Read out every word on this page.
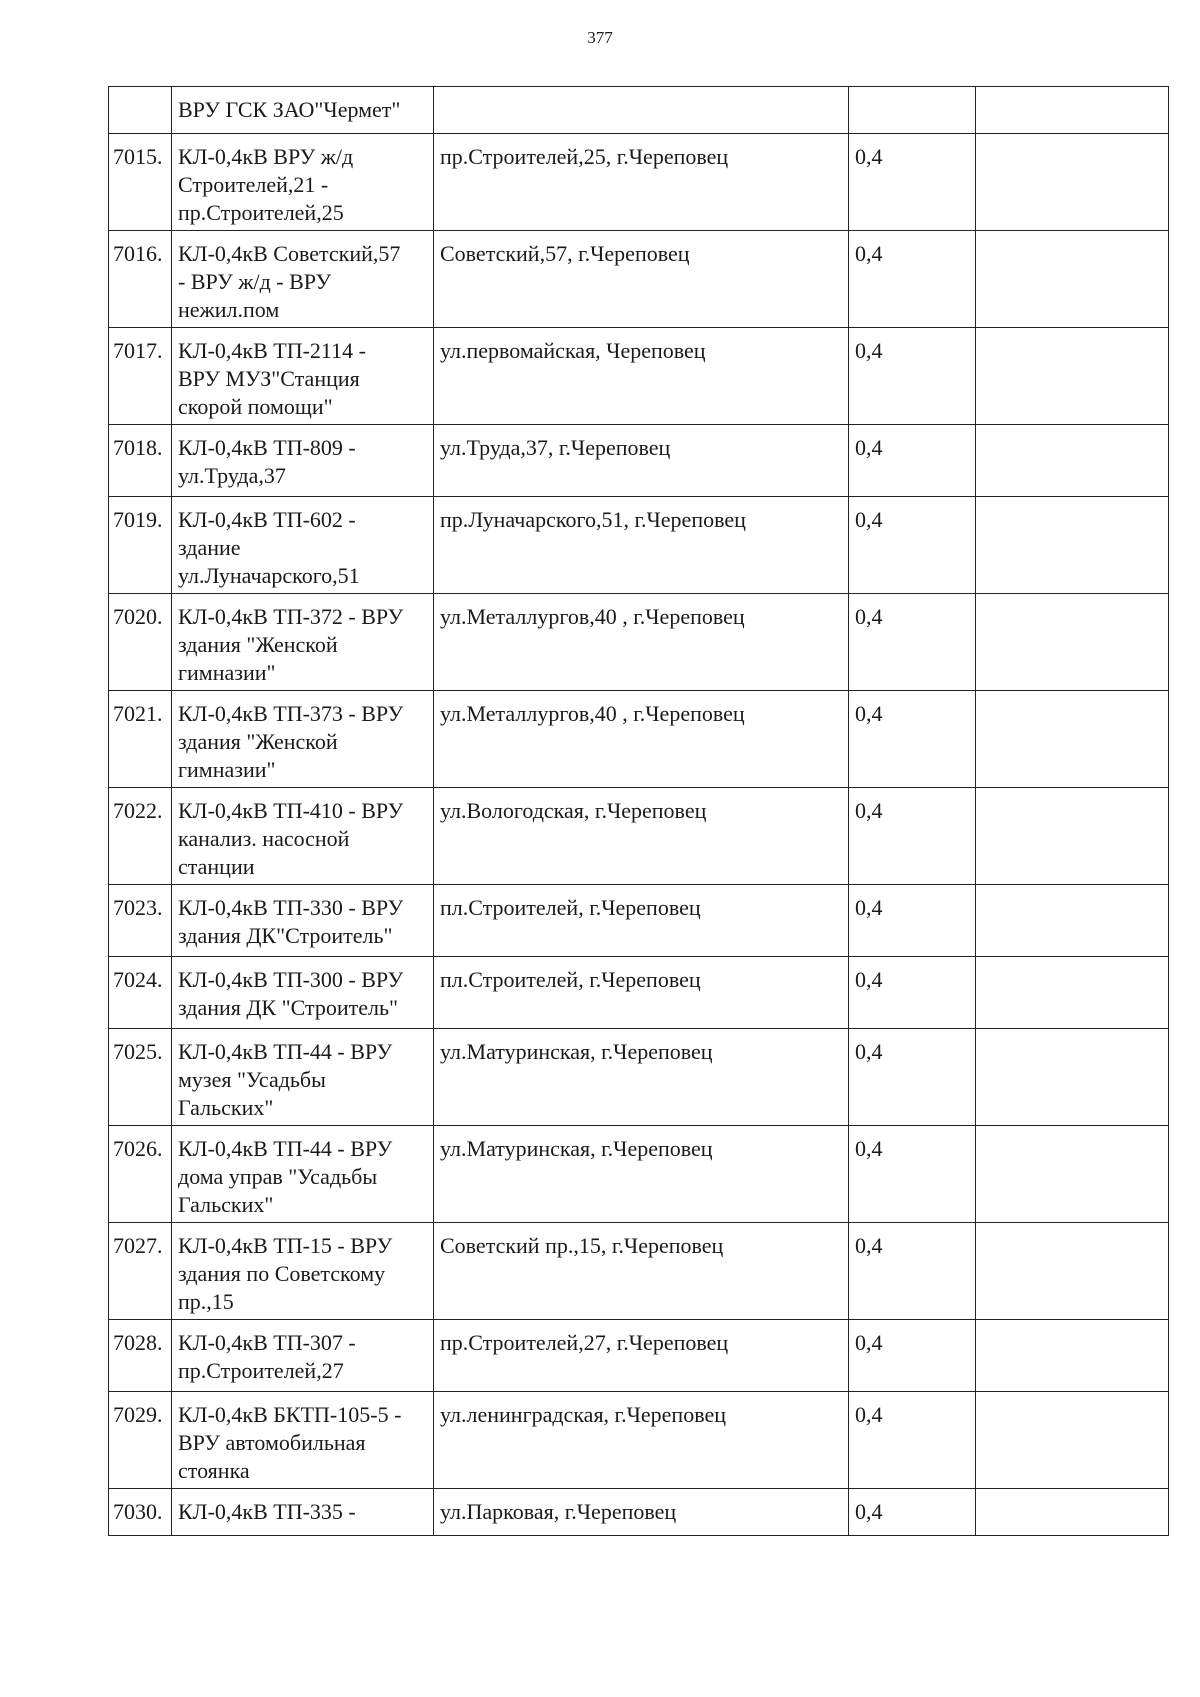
377

	ВРУ ГСК ЗАО"Чермет"			

7015.	КЛ-0,4кВ ВРУ ж/д
Строителей,21 -
пр.Строителей,25	пр.Строителей,25, г.Череповец	0,4	
7016.	КЛ-0,4кВ Советский,57
- ВРУ ж/д - ВРУ
нежил.пом	Советский,57, г.Череповец	0,4	
7017.	КЛ-0,4кВ ТП-2114 -
ВРУ МУЗ"Станция
скорой помощи"	ул.первомайская, Череповец	0,4	
7018.	КЛ-0,4кВ ТП-809 -
ул.Труда,37	ул.Труда,37, г.Череповец	0,4	
7019.	КЛ-0,4кВ ТП-602 -
здание
ул.Луначарского,51	пр.Луначарского,51, г.Череповец	0,4	
7020.	КЛ-0,4кВ ТП-372 - ВРУ
здания "Женской
гимназии"	ул.Металлургов,40 , г.Череповец	0,4	
7021.	КЛ-0,4кВ ТП-373 - ВРУ
здания "Женской
гимназии"	ул.Металлургов,40 , г.Череповец	0,4	
7022.	КЛ-0,4кВ ТП-410 - ВРУ
канализ. насосной
станции	ул.Вологодская, г.Череповец	0,4	
7023.	КЛ-0,4кВ ТП-330 - ВРУ
здания ДК"Строитель"	пл.Строителей, г.Череповец	0,4	
7024.	КЛ-0,4кВ ТП-300 - ВРУ
здания ДК "Строитель"	пл.Строителей, г.Череповец	0,4	
7025.	КЛ-0,4кВ ТП-44 - ВРУ
музея "Усадьбы
Гальских"	ул.Матуринская, г.Череповец	0,4	
7026.	КЛ-0,4кВ ТП-44 - ВРУ
дома управ "Усадьбы
Гальских"	ул.Матуринская, г.Череповец	0,4	
7027.	КЛ-0,4кВ ТП-15 - ВРУ
здания по Советскому
пр.,15	Советский пр.,15, г.Череповец	0,4	
7028.	КЛ-0,4кВ ТП-307 -
пр.Строителей,27	пр.Строителей,27, г.Череповец	0,4	
7029.	КЛ-0,4кВ БКТП-105-5 -
ВРУ автомобильная
стоянка	ул.ленинградская, г.Череповец	0,4	
7030.	КЛ-0,4кВ ТП-335 -	ул.Парковая, г.Череповец	0,4	
